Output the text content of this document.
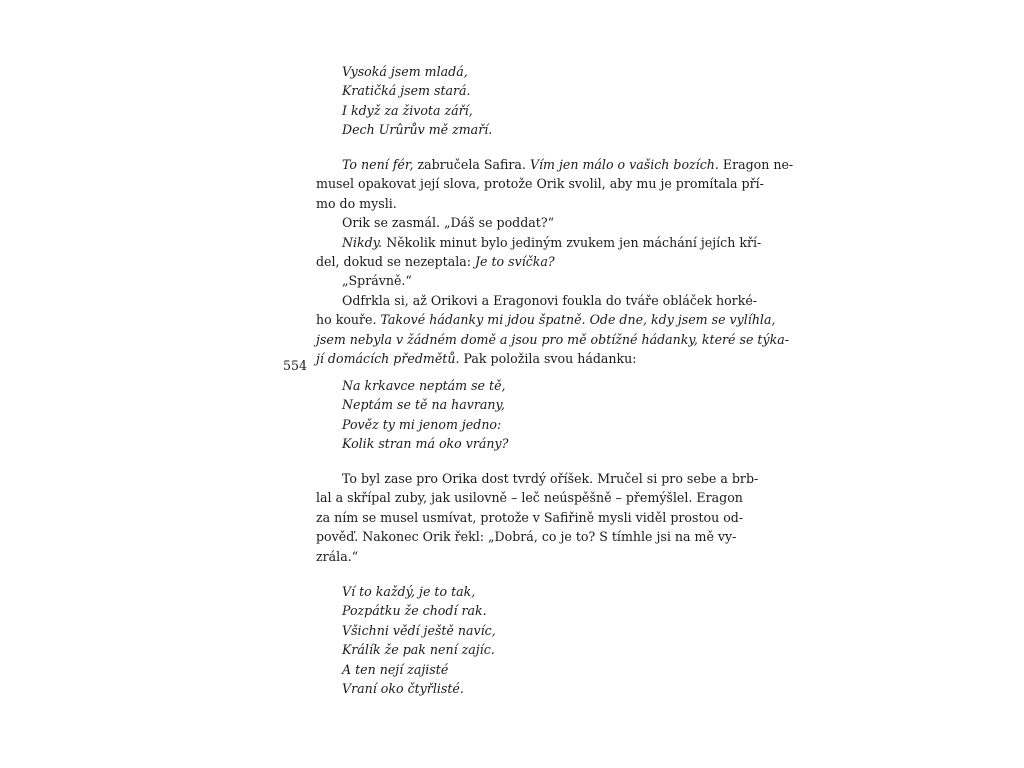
554
Vysoká jsem mladá,
Kratičká jsem stará.
I když za života září,
Dech Urûrův mě zmaří.
To není fér, zabručela Safira. Vím jen málo o vašich bozích. Eragon ne-
musel opakovat její slova, protože Orik svolil, aby mu je promítala pří-
mo do mysli.
Orik se zasmál. „Dáš se poddat?“
Nikdy. Několik minut bylo jediným zvukem jen máchání jejích kří-
del, dokud se nezeptala: Je to svíčka?
„Správně.“
Odfrkla si, až Orikovi a Eragonovi foukla do tváře obláček horké-
ho kouře. Takové hádanky mi jdou špatně. Ode dne, kdy jsem se vylíhla,
jsem nebyla v žádném domě a jsou pro mě obtížné hádanky, které se týka-
jí domácích předmětů. Pak položila svou hádanku:
Na krkavce neptám se tě,
Neptám se tě na havrany,
Pověz ty mi jenom jedno:
Kolik stran má oko vrány?
To byl zase pro Orika dost tvrdý oříšek. Mručel si pro sebe a brb-
lal a skřípal zuby, jak usilovně – leč neúspěšně – přemýšlel. Eragon
za ním se musel usmívat, protože v Safiřině mysli viděl prostou od-
pověď. Nakonec Orik řekl: „Dobrá, co je to? S tímhle jsi na mě vy-
zrála.“
Ví to každý, je to tak,
Pozpátku že chodí rak.
Všichni vědí ještě navíc,
Králík že pak není zajíc.
A ten nejí zajisté
Vraní oko čtyřlisté.
